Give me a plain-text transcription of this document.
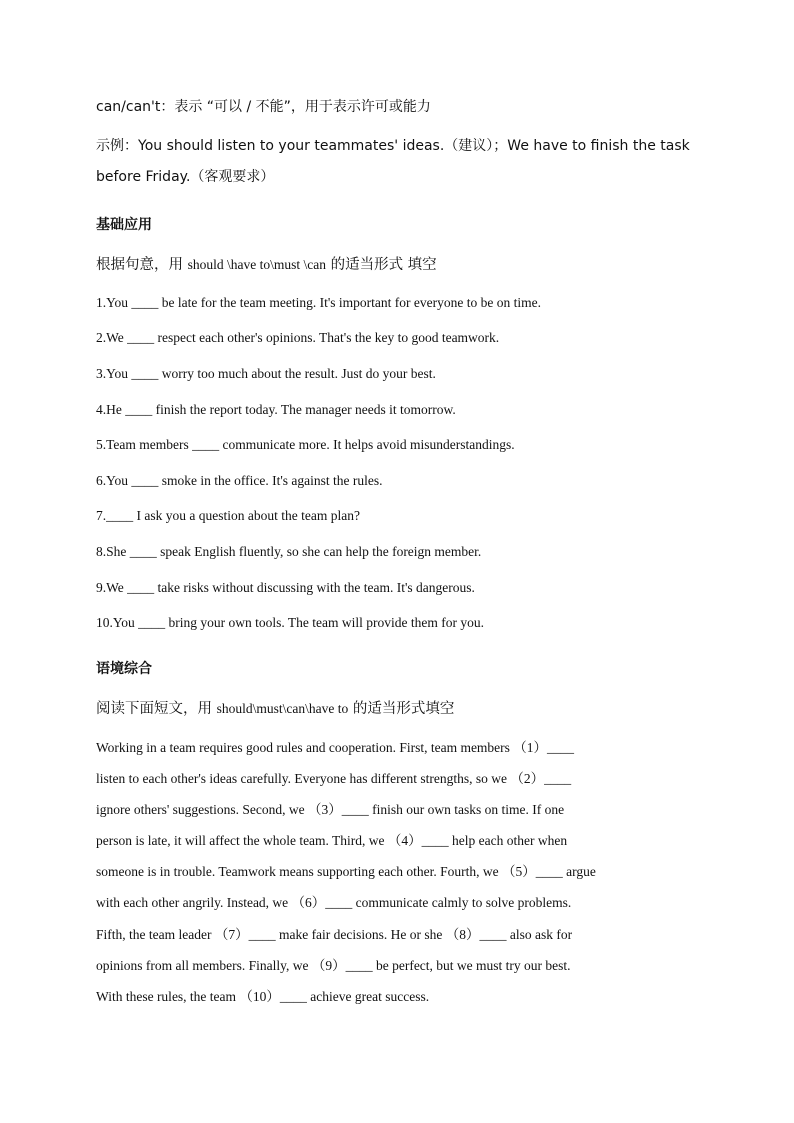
can/can't：表示 “可以 / 不能”，用于表示许可或能力
示例：You should listen to your teammates' ideas.（建议）；We have to finish the task
before Friday.（客观要求）
基础应用
根据句意，用 should \have to\must \can 的适当形式 填空
1.You ____ be late for the team meeting. It's important for everyone to be on time.
2.We ____ respect each other's opinions. That's the key to good teamwork.
3.You ____ worry too much about the result. Just do your best.
4.He ____ finish the report today. The manager needs it tomorrow.
5.Team members ____ communicate more. It helps avoid misunderstandings.
6.You ____ smoke in the office. It's against the rules.
7.____ I ask you a question about the team plan?
8.She ____ speak English fluently, so she can help the foreign member.
9.We ____ take risks without discussing with the team. It's dangerous.
10.You ____ bring your own tools. The team will provide them for you.
语境综合
阅读下面短文，用 should\must\can\have to 的适当形式填空
Working in a team requires good rules and cooperation. First, team members （1）____
listen to each other's ideas carefully. Everyone has different strengths, so we （2）____
ignore others' suggestions. Second, we （3）____ finish our own tasks on time. If one
person is late, it will affect the whole team. Third, we （4）____ help each other when
someone is in trouble. Teamwork means supporting each other. Fourth, we （5）____ argue
with each other angrily. Instead, we （6）____ communicate calmly to solve problems.
Fifth, the team leader （7）____ make fair decisions. He or she （8）____ also ask for
opinions from all members. Finally, we （9）____ be perfect, but we must try our best.
With these rules, the team （10）____ achieve great success.
